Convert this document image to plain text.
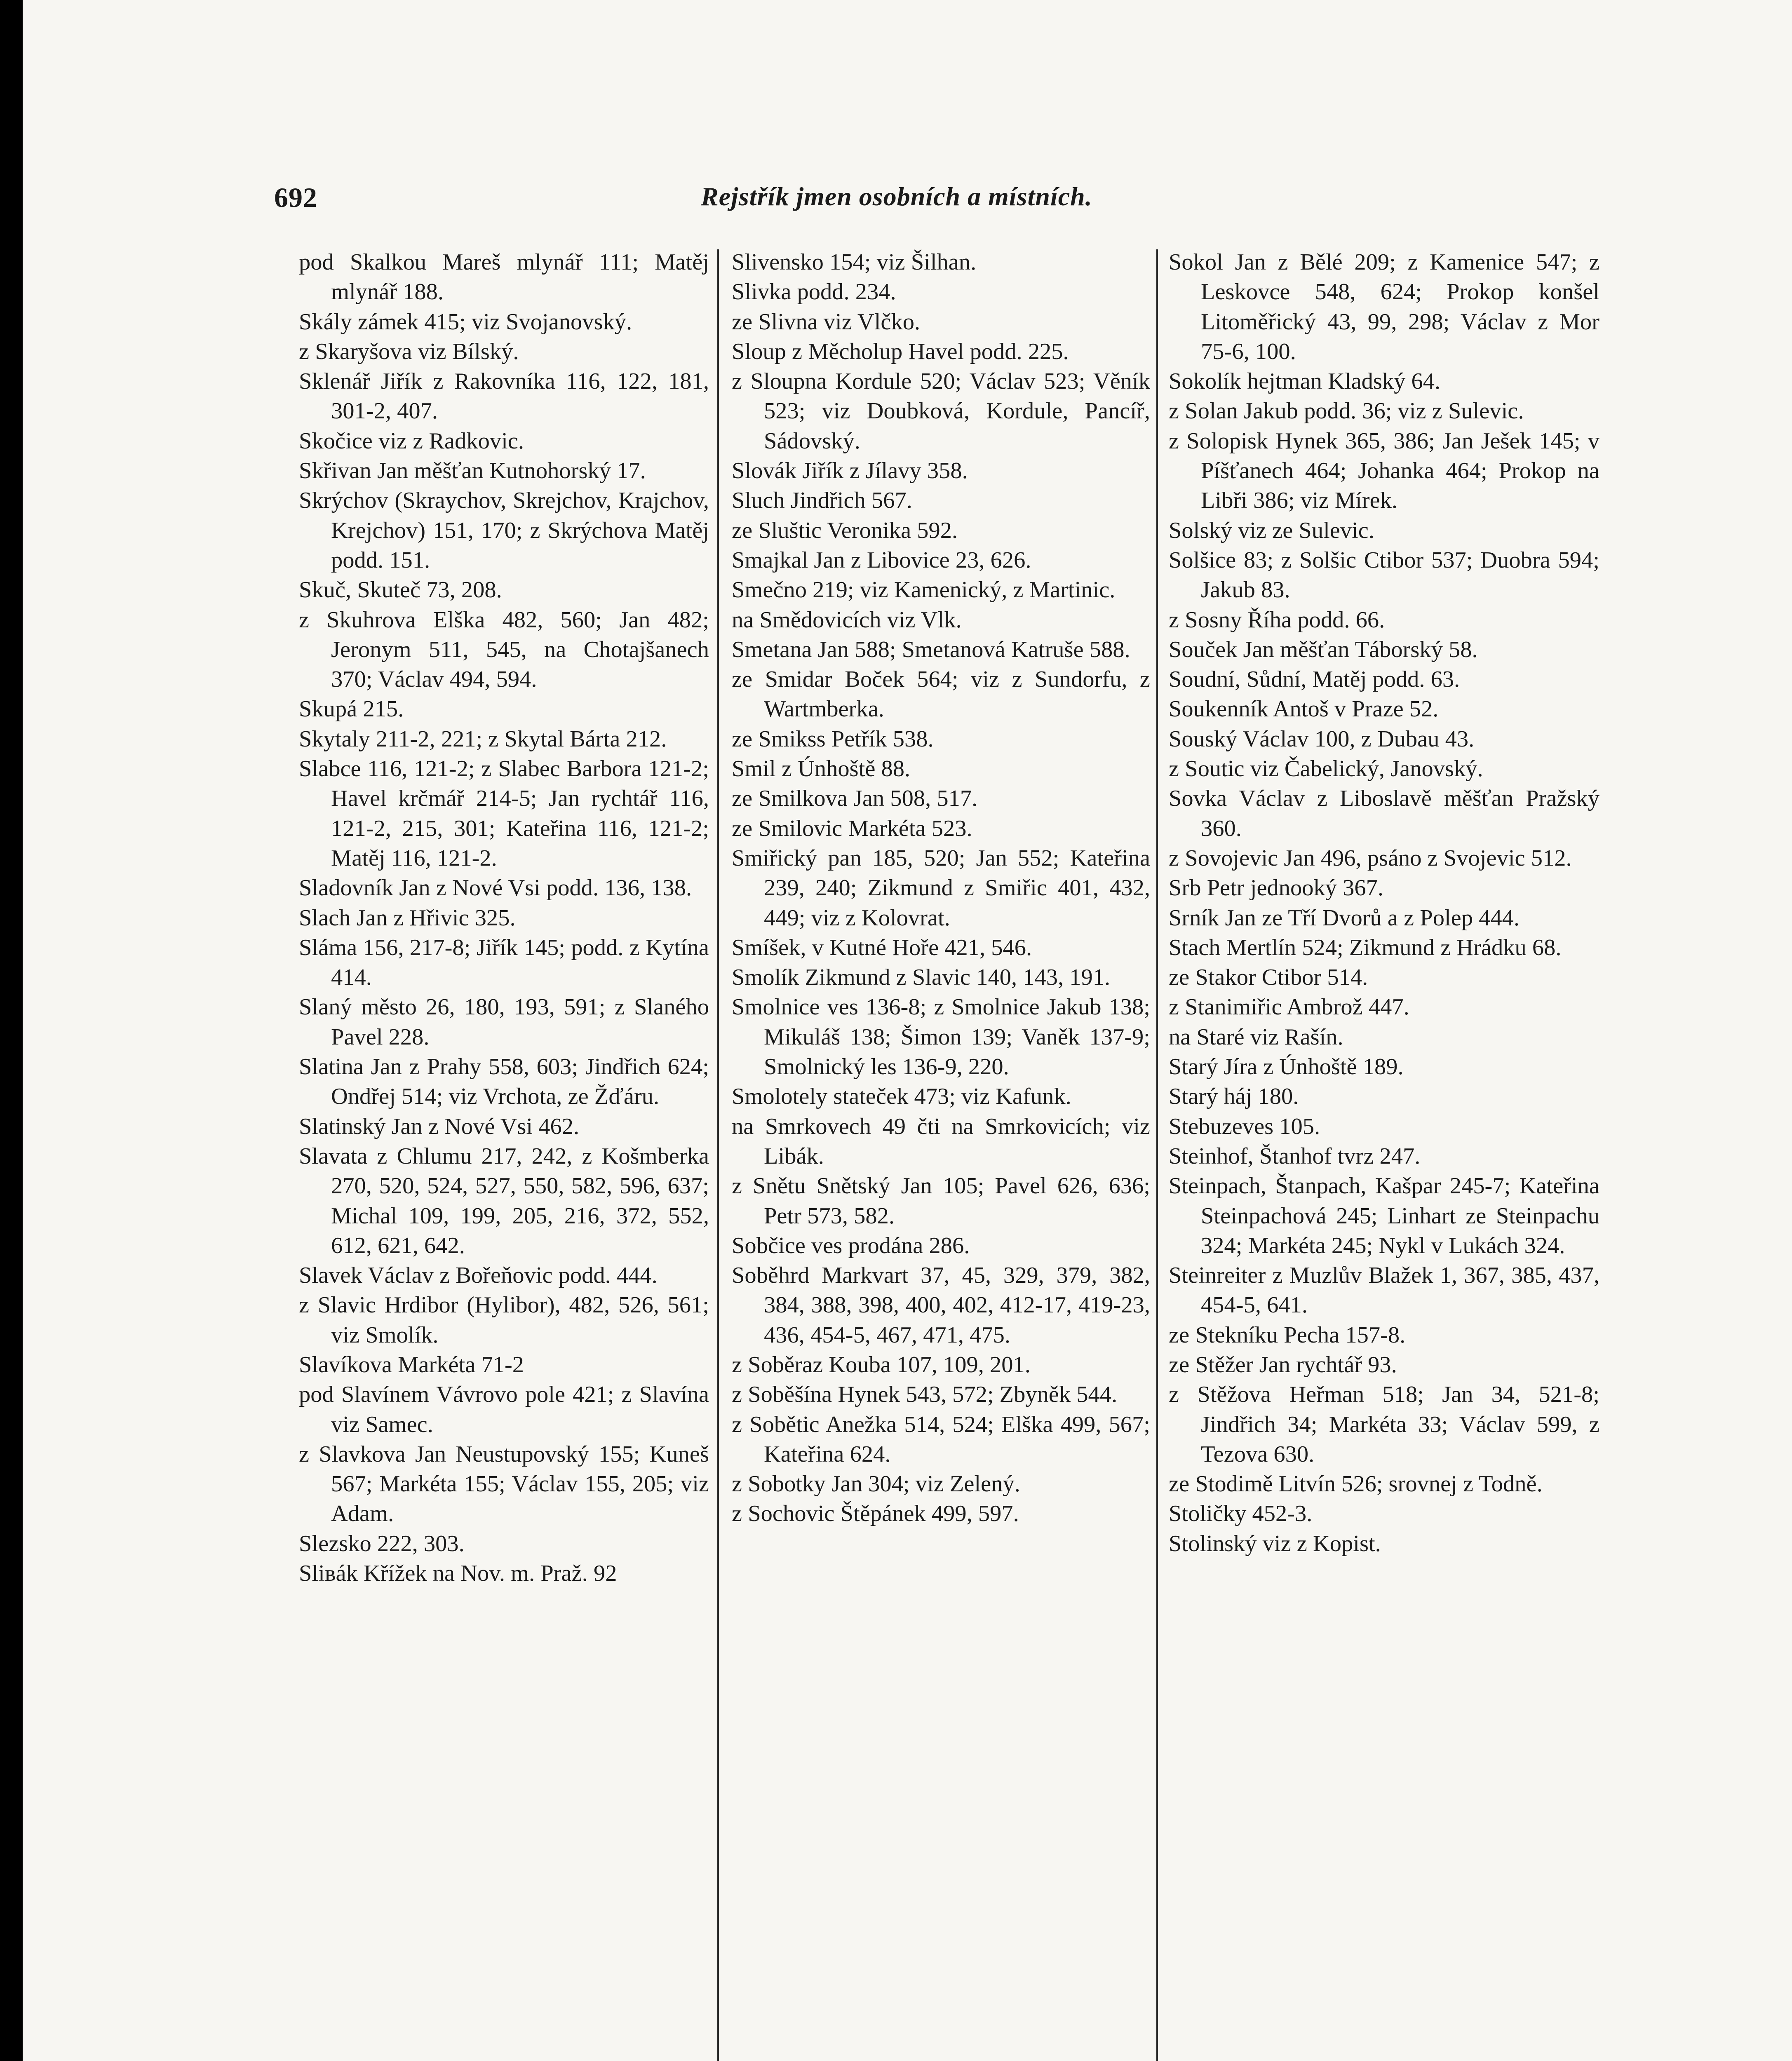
692	Rejstřík jmen osobních a místních.

pod Skalkou Mareš mlynář 111; Matěj mlynář 188.

Skály zámek 415; viz Svojanovský.

z Skaryšova viz Bílský.

Sklenář Jiřík z Rakovníka 116, 122, 181, 301-2, 407.

Skočice viz z Radkovic.

Skřivan Jan měšťan Kutnohorský 17.

Skrýchov (Skraychov, Skrejchov, Krajchov, Krejchov) 151, 170; z Skrýchova Matěj podd. 151.

Skuč, Skuteč 73, 208.

z Skuhrova Elška 482, 560; Jan 482; Jeronym 511, 545, na Chotajšanech 370; Václav 494, 594.

Skupá 215.

Skytaly 211-2, 221; z Skytal Bárta 212.

Slabce 116, 121-2; z Slabec Barbora 121-2; Havel krčmář 214-5; Jan rychtář 116, 121-2, 215, 301; Kateřina 116, 121-2; Matěj 116, 121-2.

Sladovník Jan z Nové Vsi podd. 136, 138.

Slach Jan z Hřivic 325.

Sláma 156, 217-8; Jiřík 145; podd. z Kytína 414.

Slaný město 26, 180, 193, 591; z Slaného Pavel 228.

Slatina Jan z Prahy 558, 603; Jindřich 624; Ondřej 514; viz Vrchota, ze Žďáru.

Slatinský Jan z Nové Vsi 462.

Slavata z Chlumu 217, 242, z Košmberka 270, 520, 524, 527, 550, 582, 596, 637; Michal 109, 199, 205, 216, 372, 552, 612, 621, 642.

Slavek Václav z Bořeňovic podd. 444.

z Slavic Hrdibor (Hylibor), 482, 526, 561; viz Smolík.

Slavíkova Markéta 71-2

pod Slavínem Vávrovo pole 421; z Slavína viz Samec.

z Slavkova Jan Neustupovský 155; Kuneš 567; Markéta 155; Václav 155, 205; viz Adam.

Slezsko 222, 303.

Sliвák Křížek na Nov. m. Praž. 92

Slivensko 154; viz Šilhan.

Slivka podd. 234.

ze Slivna viz Vlčko.

Sloup z Měcholup Havel podd. 225.

z Sloupna Kordule 520; Václav 523; Věník 523; viz Doubková, Kordule, Pancíř, Sádovský.

Slovák Jiřík z Jílavy 358.

Sluch Jindřich 567.

ze Sluštic Veronika 592.

Smajkal Jan z Libovice 23, 626.

Smečno 219; viz Kamenický, z Martinic.

na Smědovicích viz Vlk.

Smetana Jan 588; Smetanová Katruše 588.

ze Smidar Boček 564; viz z Sundorfu, z Wartmberka.

ze Smikss Petřík 538.

Smil z Únhoště 88.

ze Smilkova Jan 508, 517.

ze Smilovic Markéta 523.

Smiřický pan 185, 520; Jan 552; Kateřina 239, 240; Zikmund z Smiřic 401, 432, 449; viz z Kolovrat.

Smíšek, v Kutné Hoře 421, 546.

Smolík Zikmund z Slavic 140, 143, 191.

Smolnice ves 136-8; z Smolnice Jakub 138; Mikuláš 138; Šimon 139; Vaněk 137-9; Smolnický les 136-9, 220.

Smolotely stateček 473; viz Kafunk.

na Smrkovech 49 čti na Smrkovicích; viz Libák.

z Snětu Snětský Jan 105; Pavel 626, 636; Petr 573, 582.

Sobčice ves prodána 286.

Soběhrd Markvart 37, 45, 329, 379, 382, 384, 388, 398, 400, 402, 412-17, 419-23, 436, 454-5, 467, 471, 475.

z Soběraz Kouba 107, 109, 201.

z Soběšína Hynek 543, 572; Zbyněk 544.

z Sobětic Anežka 514, 524; Elška 499, 567; Kateřina 624.

z Sobotky Jan 304; viz Zelený.

z Sochovic Štěpánek 499, 597.

Sokol Jan z Bělé 209; z Kamenice 547; z Leskovce 548, 624; Prokop konšel Litoměřický 43, 99, 298; Václav z Mor 75-6, 100.

Sokolík hejtman Kladský 64.

z Solan Jakub podd. 36; viz z Sulevic.

z Solopisk Hynek 365, 386; Jan Ješek 145; v Píšťanech 464; Johanka 464; Prokop na Libři 386; viz Mírek.

Solský viz ze Sulevic.

Solšice 83; z Solšic Ctibor 537; Duobra 594; Jakub 83.

z Sosny Říha podd. 66.

Souček Jan měšťan Táborský 58.

Soudní, Sůdní, Matěj podd. 63.

Soukenník Antoš v Praze 52.

Souský Václav 100, z Dubau 43.

z Soutic viz Čabelický, Janovský.

Sovka Václav z Liboslavě měšťan Pražský 360.

z Sovojevic Jan 496, psáno z Svojevic 512.

Srb Petr jednooký 367.

Srník Jan ze Tří Dvorů a z Polep 444.

Stach Mertlín 524; Zikmund z Hrádku 68.

ze Stakor Ctibor 514.

z Stanimiřic Ambrož 447.

na Staré viz Rašín.

Starý Jíra z Únhoště 189.

Starý háj 180.

Stebuzeves 105.

Steinhof, Štanhof tvrz 247.

Steinpach, Štanpach, Kašpar 245-7; Kateřina Steinpachová 245; Linhart ze Steinpachu 324; Markéta 245; Nykl v Lukách 324.

Steinreiter z Muzlův Blažek 1, 367, 385, 437, 454-5, 641.

ze Stekníku Pecha 157-8.

ze Stěžer Jan rychtář 93.

z Stěžova Heřman 518; Jan 34, 521-8; Jindřich 34; Markéta 33; Václav 599, z Tezova 630.

ze Stodimě Litvín 526; srovnej z Todně.

Stoličky 452-3.

Stolinský viz z Kopist.
